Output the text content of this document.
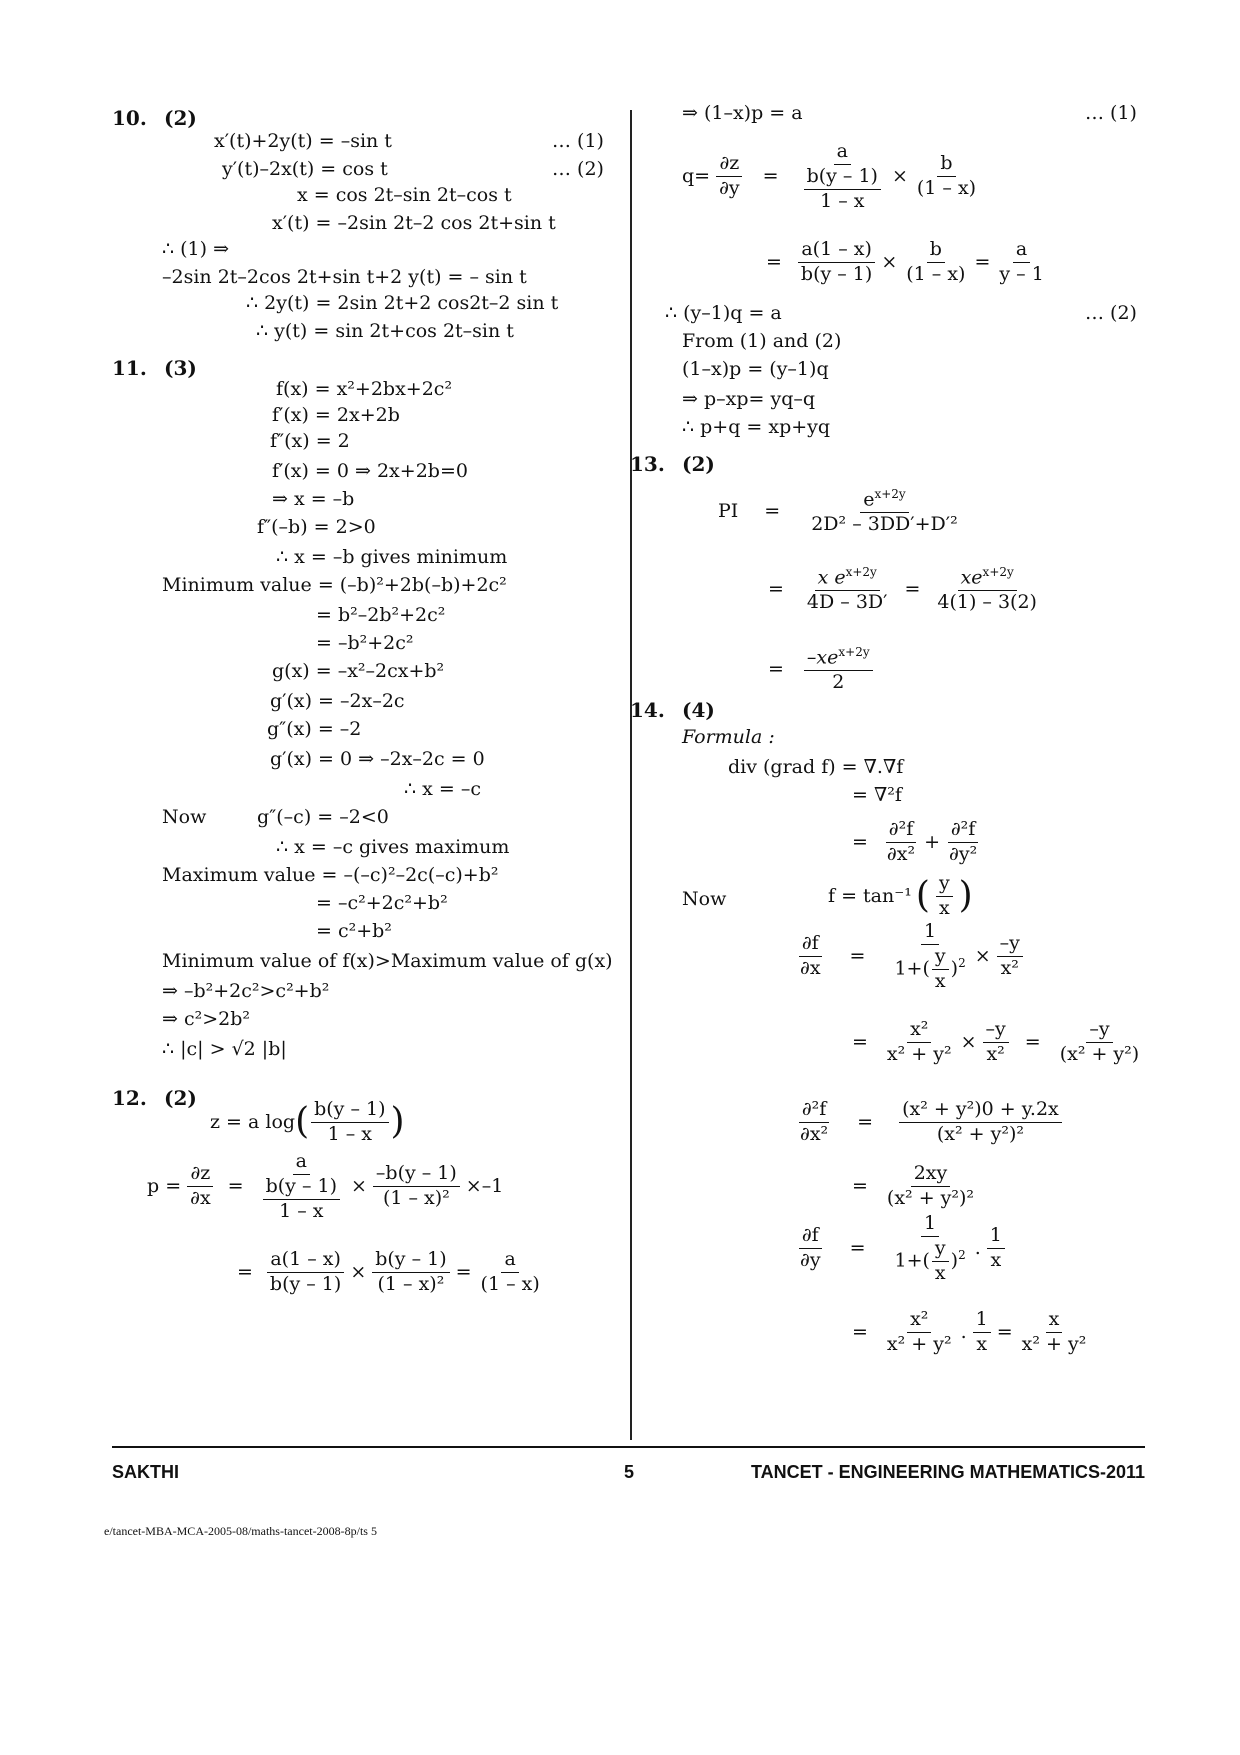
10. (2)
x′(t)+2y(t) = –sin t	… (1)
y′(t)–2x(t) = cos t	… (2)
x = cos 2t–sin 2t–cos t
x′(t) = –2sin 2t–2 cos 2t+sin t
∴ (1) ⇒
–2sin 2t–2cos 2t+sin t+2 y(t) = – sin t
∴ 2y(t) = 2sin 2t+2 cos2t–2 sin t
∴ y(t) = sin 2t+cos 2t–sin t
11. (3)
f(x) = x²+2bx+2c²
f′(x) = 2x+2b
f″(x) = 2
f′(x) = 0 ⇒ 2x+2b=0
⇒ x = –b
f″(–b) = 2>0
∴ x = –b gives minimum
Minimum value = (–b)²+2b(–b)+2c²
= b²–2b²+2c²
= –b²+2c²
g(x) = –x²–2cx+b²
g′(x) = –2x–2c
g″(x) = –2
g′(x) = 0 ⇒ –2x–2c = 0
∴ x = –c
Now	g″(–c) = –2<0
∴ x = –c gives maximum
Maximum value = –(–c)²–2c(–c)+b²
= –c²+2c²+b²
= c²+b²
Minimum value of f(x)>Maximum value of g(x)
⇒ –b²+2c²>c²+b²
⇒ c²>2b²
∴ |c| > √2 |b|
12. (2)
z = a log ( $\frac{b(y - 1)}{1 - x}$ )
$p = \frac{\partial z}{\partial x} = \frac{a}{\frac{b(y - 1)}{1 - x}} \times \frac{-b(y - 1)}{\text{(1 – x)²}} \times-1$
= $\frac{a(1 - x)}{b(y - 1)} \times \frac{b(y - 1)}{\text{(1 – x)²}} = \frac{a}{(1 - x)}$
⇒ (1–x)p = a	… (1)
$q= \frac{\partial z}{\partial y} = \frac{a}{\frac{b(y - 1)}{1 - x}} \times \frac{b}{(1 - x)}$
= $\frac{a(1 - x)}{b(y - 1)} \times \frac{b}{(1 - x)} = \frac{a}{y - 1}$
∴ (y–1)q = a	… (2)
From (1) and (2)
(1–x)p = (y–1)q
⇒ p–xp= yq–q
∴ p+q = xp+yq
13. (2)
PI = $\frac{e^{x+2y}}{\text{2D² – 3DD′+D′²}}$
= $\frac{x e^{x+2y}}{4D - 3D'} = \frac{xe^{x+2y}}{4(1) - 3(2)}$
= $\frac{-xe^{x+2y}}{2}$
14. (4)
Formula :
div (grad f) = ∇.∇f
= ∇²f
= $\frac{\text{∂²f}}{\text{∂x²}} + \frac{\text{∂²f}}{\text{∂y²}}$
Now	f = tan⁻¹ ( $\frac{y}{x}$ )
$\frac{\partial f}{\partial x} = \frac{1}{1+( \frac{y}{x} )^2} \times \frac{-y}{\text{x²}}$
= $\frac{\text{x²}}{\text{x² + y²}} \times \frac{-y}{\text{x²}} = \frac{-y}{\text{(x² + y²)}}$
$\frac{\text{∂²f}}{\text{∂x²}} = \frac{\text{(x² + y²)0 + y.2x}}{\text{(x² + y²)²}}$
= $\frac{2xy}{\text{(x² + y²)²}}$
$\frac{\partial f}{\partial y} = \frac{1}{1+( \frac{y}{x} )^2}$ . $\frac{1}{x}$
= $\frac{\text{x²}}{\text{x² + y²}}$ . $\frac{1}{x} = \frac{x}{\text{x² + y²}}$
SAKTHI	5	TANCET - ENGINEERING MATHEMATICS-2011
e/tancet-MBA-MCA-2005-08/maths-tancet-2008-8p/ts 5
